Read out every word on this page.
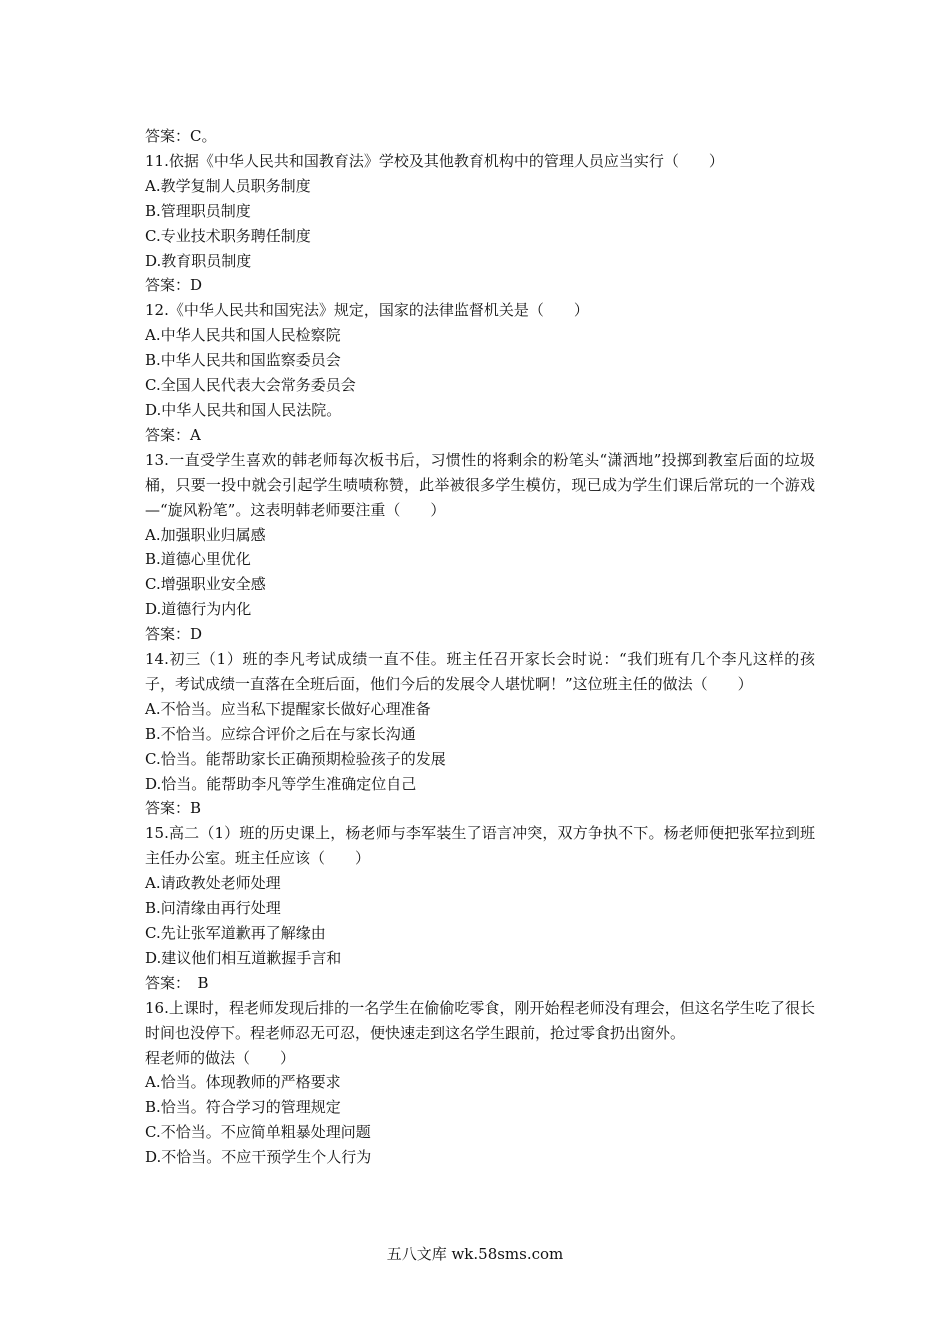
答案：C。

11.依据《中华人民共和国教育法》学校及其他教育机构中的管理人员应当实行（　　）

A.教学复制人员职务制度

B.管理职员制度

C.专业技术职务聘任制度

D.教育职员制度

答案：D

12.《中华人民共和国宪法》规定，国家的法律监督机关是（　　）

A.中华人民共和国人民检察院

B.中华人民共和国监察委员会

C.全国人民代表大会常务委员会

D.中华人民共和国人民法院。

答案：A

13.一直受学生喜欢的韩老师每次板书后，习惯性的将剩余的粉笔头“潇洒地”投掷到教室后面的垃圾桶，只要一投中就会引起学生啧啧称赞，此举被很多学生模仿，现已成为学生们课后常玩的一个游戏—“旋风粉笔”。这表明韩老师要注重（　　）

A.加强职业归属感

B.道德心里优化

C.增强职业安全感

D.道德行为内化

答案：D

14.初三（1）班的李凡考试成绩一直不佳。班主任召开家长会时说：“我们班有几个李凡这样的孩子，考试成绩一直落在全班后面，他们今后的发展令人堪忧啊！”这位班主任的做法（　　）

A.不恰当。应当私下提醒家长做好心理准备

B.不恰当。应综合评价之后在与家长沟通

C.恰当。能帮助家长正确预期检验孩子的发展

D.恰当。能帮助李凡等学生准确定位自己

答案：B

15.高二（1）班的历史课上，杨老师与李军装生了语言冲突，双方争执不下。杨老师便把张军拉到班主任办公室。班主任应该（　　）

A.请政教处老师处理

B.问清缘由再行处理

C.先让张军道歉再了解缘由

D.建议他们相互道歉握手言和

答案：　B

16.上课时，程老师发现后排的一名学生在偷偷吃零食，刚开始程老师没有理会，但这名学生吃了很长时间也没停下。程老师忍无可忍，便快速走到这名学生跟前，抢过零食扔出窗外。

程老师的做法（　　）

A.恰当。体现教师的严格要求

B.恰当。符合学习的管理规定

C.不恰当。不应简单粗暴处理问题

D.不恰当。不应干预学生个人行为

五八文库 wk.58sms.com
